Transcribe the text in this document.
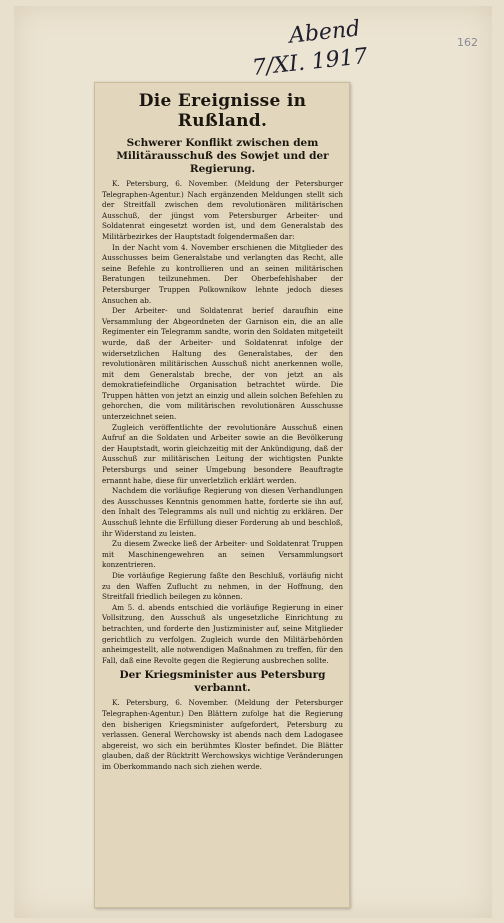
Abend
7/XI. 1917
162
Die Ereignisse in Rußland.
Schwerer Konflikt zwischen dem Militärausschuß des Sowjet und der Regierung.

K. Petersburg, 6. November. (Meldung der Petersburger Telegraphen-Agentur.) Nach ergänzenden Meldungen stellt sich der Streitfall zwischen dem revolutionären militärischen Ausschuß, der jüngst vom Petersburger Arbeiter- und Soldatenrat eingesetzt worden ist, und dem Generalstab des Militärbezirkes der Hauptstadt folgendermaßen dar:

In der Nacht vom 4. November erschienen die Mitglieder des Ausschusses beim Generalstabe und verlangten das Recht, alle seine Befehle zu kontrollieren und an seinen militärischen Beratungen teilzunehmen. Der Oberbefehlshaber der Petersburger Truppen Polkownikow lehnte jedoch dieses Ansuchen ab.

Der Arbeiter- und Soldatenrat berief daraufhin eine Versammlung der Abgeordneten der Garnison ein, die an alle Regimenter ein Telegramm sandte, worin den Soldaten mitgeteilt wurde, daß der Arbeiter- und Soldatenrat infolge der widersetzlichen Haltung des Generalstabes, der den revolutionären militärischen Ausschuß nicht anerkennen wolle, mit dem Generalstab breche, der von jetzt an als demokratiefeindliche Organisation betrachtet würde. Die Truppen hätten von jetzt an einzig und allein solchen Befehlen zu gehorchen, die vom militärischen revolutionären Ausschusse unterzeichnet seien.

Zugleich veröffentlichte der revolutionäre Ausschuß einen Aufruf an die Soldaten und Arbeiter sowie an die Bevölkerung der Hauptstadt, worin gleichzeitig mit der Ankündigung, daß der Ausschuß zur militärischen Leitung der wichtigsten Punkte Petersburgs und seiner Umgebung besondere Beauftragte ernannt habe, diese für unverletzlich erklärt werden.

Nachdem die vorläufige Regierung von diesen Verhandlungen des Ausschusses Kenntnis genommen hatte, forderte sie ihn auf, den Inhalt des Telegramms als null und nichtig zu erklären. Der Ausschuß lehnte die Erfüllung dieser Forderung ab und beschloß, ihr Widerstand zu leisten.

Zu diesem Zwecke ließ der Arbeiter- und Soldatenrat Truppen mit Maschinengewehren an seinen Versammlungsort konzentrieren.

Die vorläufige Regierung faßte den Beschluß, vorläufig nicht zu den Waffen Zuflucht zu nehmen, in der Hoffnung, den Streitfall friedlich beilegen zu können.

Am 5. d. abends entschied die vorläufige Regierung in einer Vollsitzung, den Ausschuß als ungesetzliche Einrichtung zu betrachten, und forderte den Justizminister auf, seine Mitglieder gerichtlich zu verfolgen. Zugleich wurde den Militärbehörden anheimgestellt, alle notwendigen Maßnahmen zu treffen, für den Fall, daß eine Revolte gegen die Regierung ausbrechen sollte.

Der Kriegsminister aus Petersburg verbannt.

K. Petersburg, 6. November. (Meldung der Petersburger Telegraphen-Agentur.) Den Blättern zufolge hat die Regierung den bisherigen Kriegsminister aufgefordert, Petersburg zu verlassen. General Werchowsky ist abends nach dem Ladogasee abgereist, wo sich ein berühmtes Kloster befindet. Die Blätter glauben, daß der Rücktritt Werchowskys wichtige Veränderungen im Oberkommando nach sich ziehen werde.
